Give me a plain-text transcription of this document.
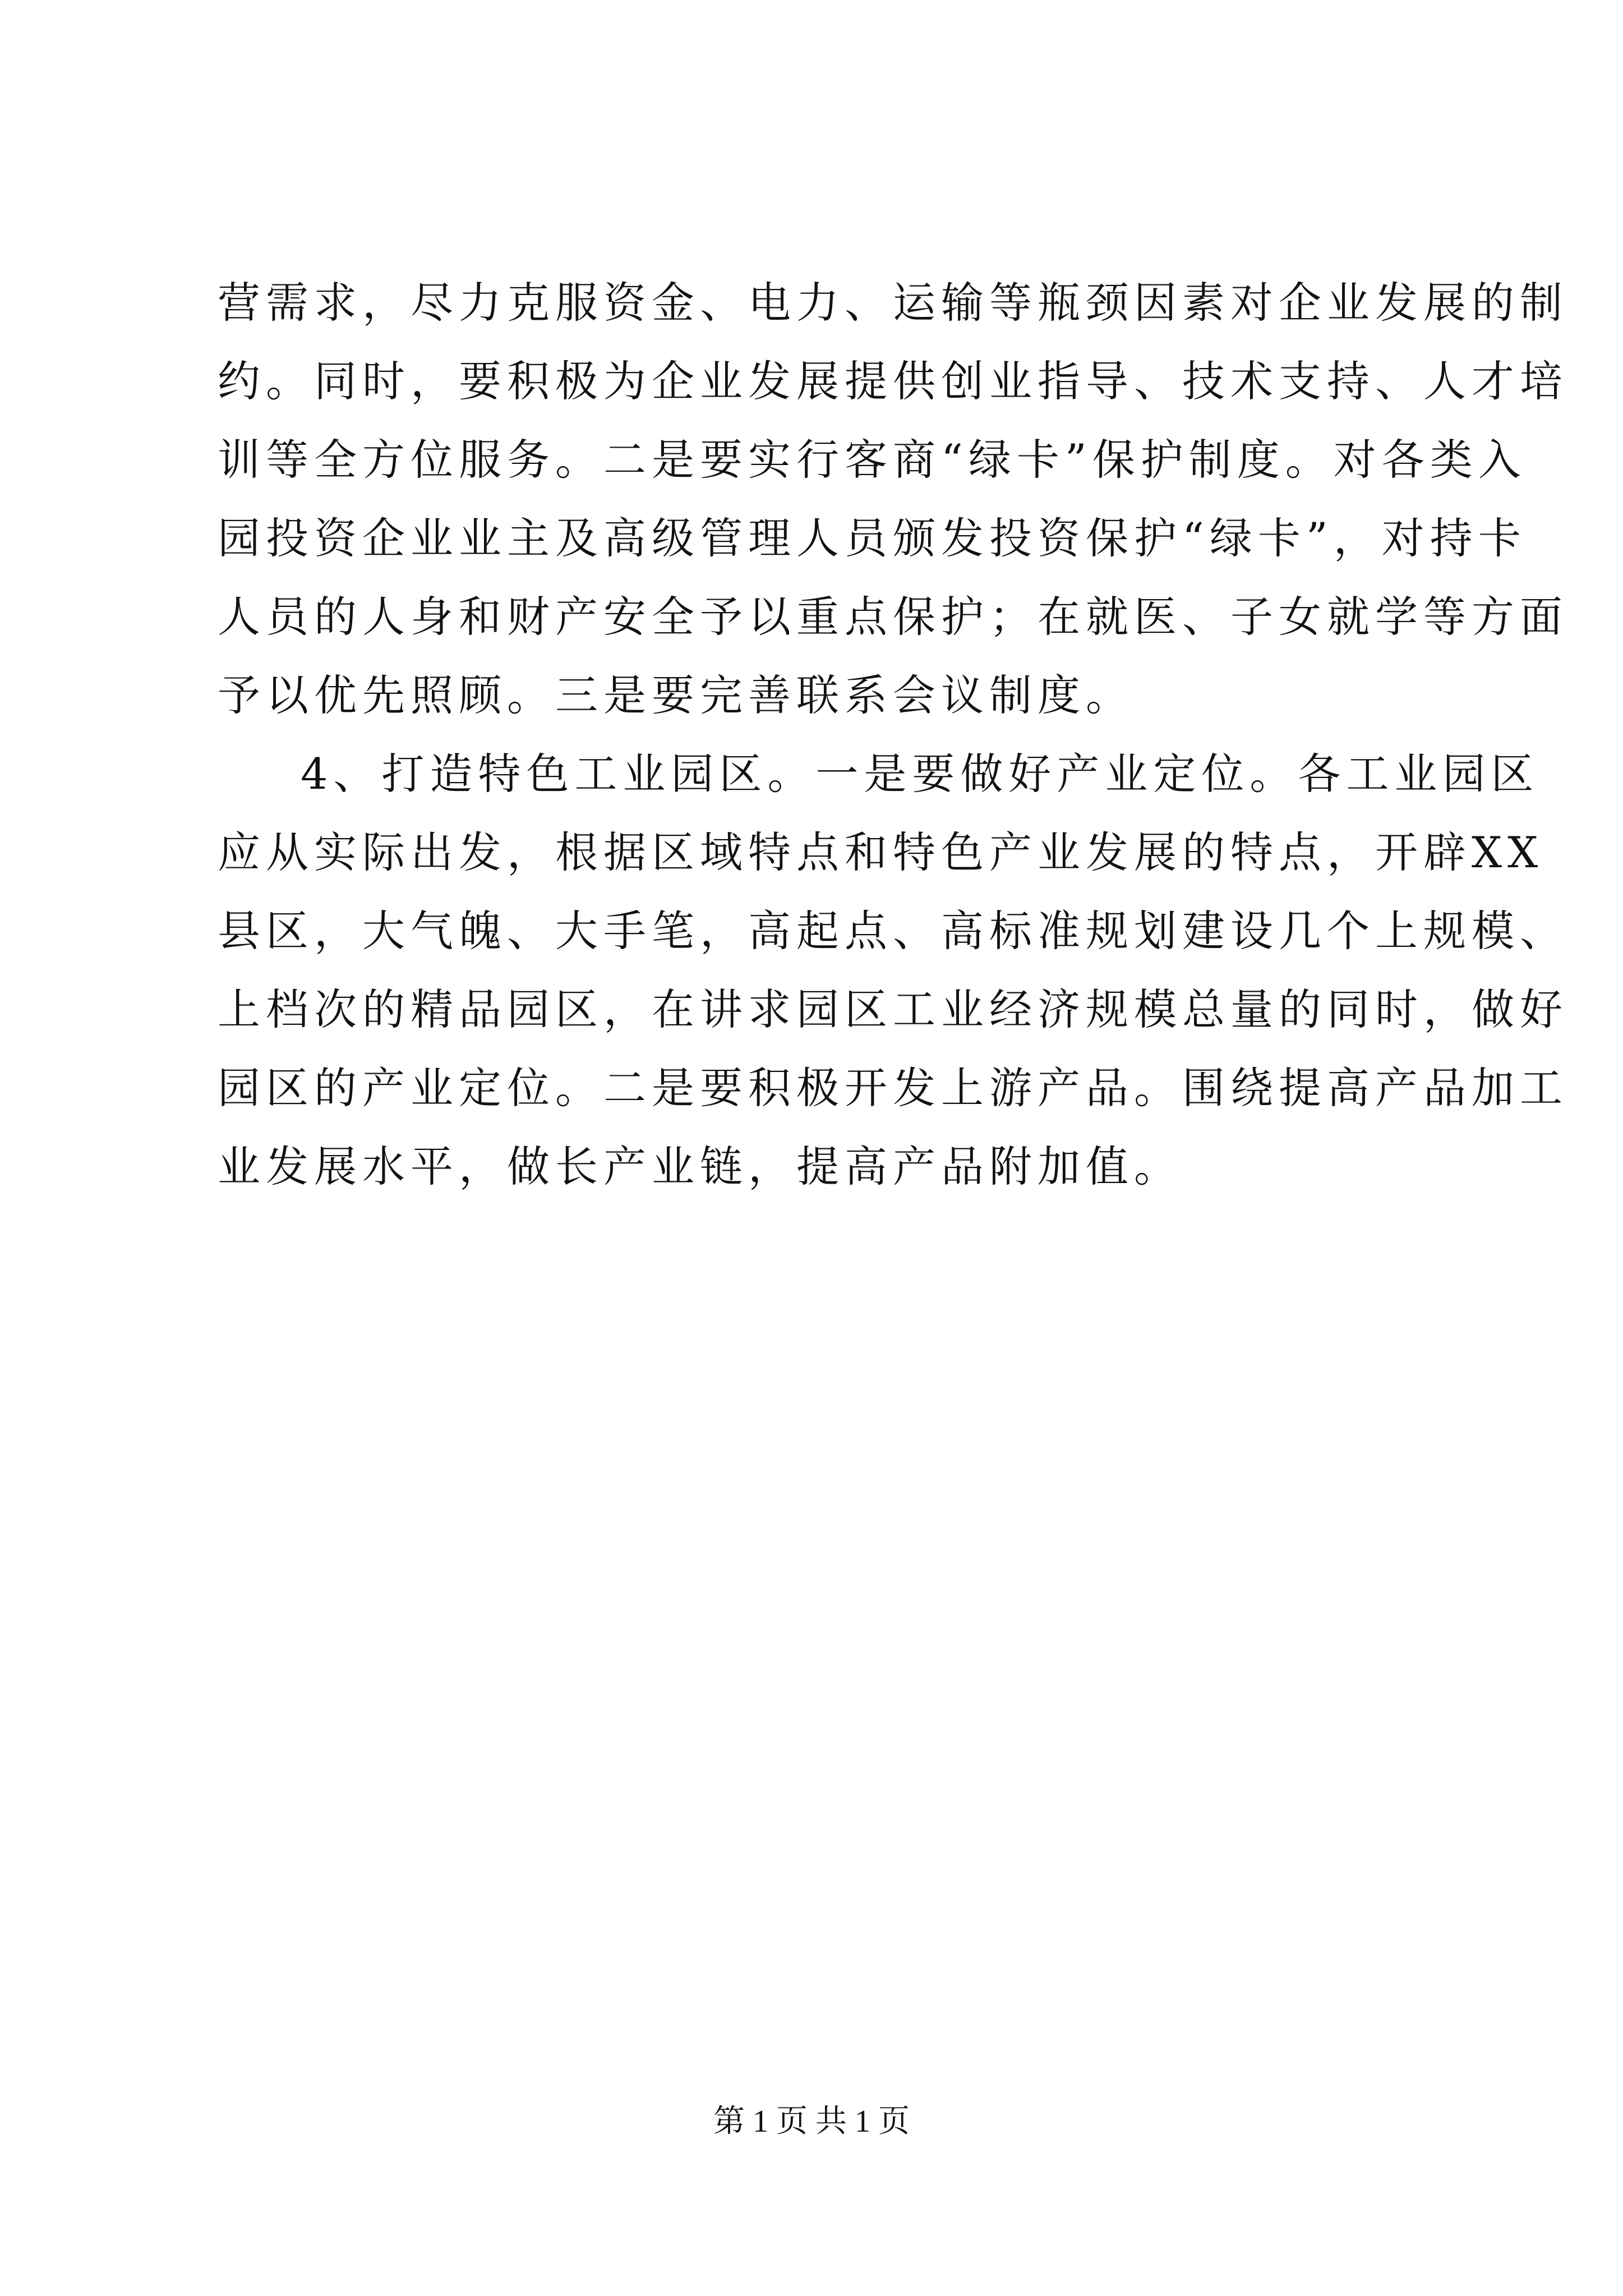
营需求，尽力克服资金、电力、运输等瓶颈因素对企业发展的制
约。同时，要积极为企业发展提供创业指导、技术支持、人才培
训等全方位服务。二是要实行客商“绿卡”保护制度。对各类入
园投资企业业主及高级管理人员颁发投资保护“绿卡”，对持卡
人员的人身和财产安全予以重点保护；在就医、子女就学等方面
予以优先照顾。三是要完善联系会议制度。
4、打造特色工业园区。一是要做好产业定位。各工业园区
应从实际出发，根据区域特点和特色产业发展的特点，开辟XX
县区，大气魄、大手笔，高起点、高标准规划建设几个上规模、
上档次的精品园区，在讲求园区工业经济规模总量的同时，做好
园区的产业定位。二是要积极开发上游产品。围绕提高产品加工
业发展水平，做长产业链，提高产品附加值。
第 1 页 共 1 页
